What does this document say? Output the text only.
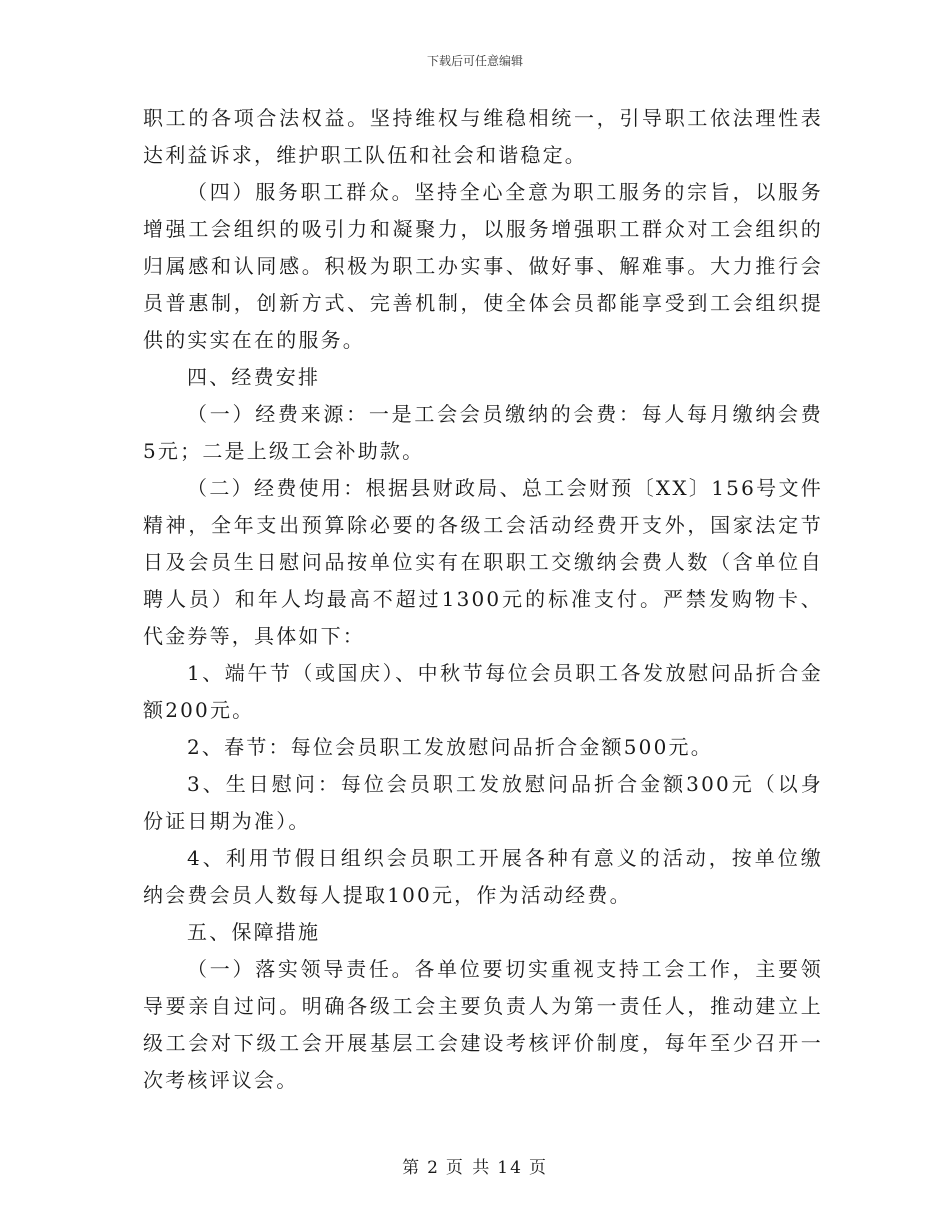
下载后可任意编辑

职工的各项合法权益。坚持维权与维稳相统一，引导职工依法理性表达利益诉求，维护职工队伍和社会和谐稳定。

（四）服务职工群众。坚持全心全意为职工服务的宗旨，以服务增强工会组织的吸引力和凝聚力，以服务增强职工群众对工会组织的归属感和认同感。积极为职工办实事、做好事、解难事。大力推行会员普惠制，创新方式、完善机制，使全体会员都能享受到工会组织提供的实实在在的服务。

四、经费安排

（一）经费来源：一是工会会员缴纳的会费：每人每月缴纳会费5元；二是上级工会补助款。

（二）经费使用：根据县财政局、总工会财预〔XX〕156号文件精神，全年支出预算除必要的各级工会活动经费开支外，国家法定节日及会员生日慰问品按单位实有在职职工交缴纳会费人数（含单位自聘人员）和年人均最高不超过1300元的标准支付。严禁发购物卡、代金券等，具体如下：

1、端午节（或国庆）、中秋节每位会员职工各发放慰问品折合金额200元。

2、春节：每位会员职工发放慰问品折合金额500元。

3、生日慰问：每位会员职工发放慰问品折合金额300元（以身份证日期为准）。

4、利用节假日组织会员职工开展各种有意义的活动，按单位缴纳会费会员人数每人提取100元，作为活动经费。

五、保障措施

（一）落实领导责任。各单位要切实重视支持工会工作，主要领导要亲自过问。明确各级工会主要负责人为第一责任人，推动建立上级工会对下级工会开展基层工会建设考核评价制度，每年至少召开一次考核评议会。

第 2 页 共 14 页
